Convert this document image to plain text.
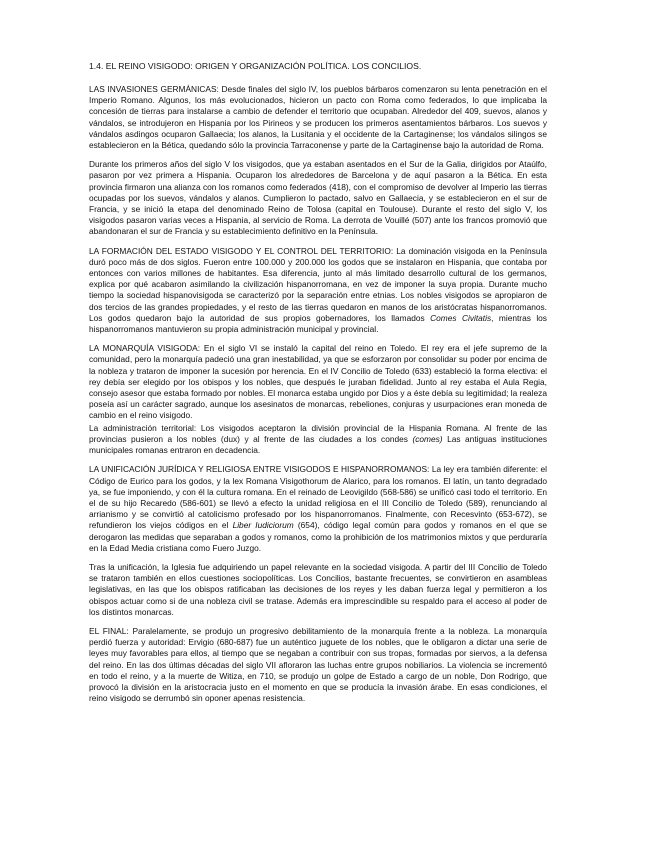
1.4. EL REINO VISIGODO: ORIGEN Y ORGANIZACIÓN POLÍTICA. LOS CONCILIOS.

LAS INVASIONES GERMÁNICAS: Desde finales del siglo IV, los pueblos bárbaros comenzaron su lenta penetración en el Imperio Romano. Algunos, los más evolucionados, hicieron un pacto con Roma como federados, lo que implicaba la concesión de tierras para instalarse a cambio de defender el territorio que ocupaban. Alrededor del 409, suevos, alanos y vándalos, se introdujeron en Hispania por los Pirineos y se producen los primeros asentamientos bárbaros. Los suevos y vándalos asdingos ocuparon Gallaecia; los alanos, la Lusitania y el occidente de la Cartaginense; los vándalos silingos se establecieron en la Bética, quedando sólo la provincia Tarraconense y parte de la Cartaginense bajo la autoridad de Roma.

Durante los primeros años del siglo V los visigodos, que ya estaban asentados en el Sur de la Galia, dirigidos por Ataúlfo, pasaron por vez primera a Hispania. Ocuparon los alrededores de Barcelona y de aquí pasaron a la Bética. En esta provincia firmaron una alianza con los romanos como federados (418), con el compromiso de devolver al Imperio las tierras ocupadas por los suevos, vándalos y alanos. Cumplieron lo pactado, salvo en Gallaecia, y se establecieron en el sur de Francia, y se inició la etapa del denominado Reino de Tolosa (capital en Toulouse). Durante el resto del siglo V, los visigodos pasaron varias veces a Hispania, al servicio de Roma. La derrota de Vouillé (507) ante los francos promovió que abandonaran el sur de Francia y su establecimiento definitivo en la Península.

LA FORMACIÓN DEL ESTADO VISIGODO Y EL CONTROL DEL TERRITORIO: La dominación visigoda en la Península duró poco más de dos siglos. Fueron entre 100.000 y 200.000 los godos que se instalaron en Hispania, que contaba por entonces con varios millones de habitantes. Esa diferencia, junto al más limitado desarrollo cultural de los germanos, explica por qué acabaron asimilando la civilización hispanorromana, en vez de imponer la suya propia. Durante mucho tiempo la sociedad hispanovisigoda se caracterizó por la separación entre etnias. Los nobles visigodos se apropiaron de dos tercios de las grandes propiedades, y el resto de las tierras quedaron en manos de los aristócratas hispanorromanos. Los godos quedaron bajo la autoridad de sus propios gobernadores, los llamados Comes Civitatis, mientras los hispanorromanos mantuvieron su propia administración municipal y provincial.

LA MONARQUÍA VISIGODA: En el siglo VI se instaló la capital del reino en Toledo. El rey era el jefe supremo de la comunidad, pero la monarquía padeció una gran inestabilidad, ya que se esforzaron por consolidar su poder por encima de la nobleza y trataron de imponer la sucesión por herencia. En el IV Concilio de Toledo (633) estableció la forma electiva: el rey debía ser elegido por los obispos y los nobles, que después le juraban fidelidad. Junto al rey estaba el Aula Regia, consejo asesor que estaba formado por nobles. El monarca estaba ungido por Dios y a éste debía su legitimidad; la realeza poseía así un carácter sagrado, aunque los asesinatos de monarcas, rebeliones, conjuras y usurpaciones eran moneda de cambio en el reino visigodo.

La administración territorial: Los visigodos aceptaron la división provincial de la Hispania Romana. Al frente de las provincias pusieron a los nobles (dux) y al frente de las ciudades a los condes (comes) Las antiguas instituciones municipales romanas entraron en decadencia.

LA UNIFICACIÓN JURÍDICA Y RELIGIOSA ENTRE VISIGODOS E HISPANORROMANOS: La ley era también diferente: el Código de Eurico para los godos, y la lex Romana Visigothorum de Alarico, para los romanos. El latín, un tanto degradado ya, se fue imponiendo, y con él la cultura romana. En el reinado de Leovigildo (568-586) se unificó casi todo el territorio. En el de su hijo Recaredo (586-601) se llevó a efecto la unidad religiosa en el III Concilio de Toledo (589), renunciando al arrianismo y se convirtió al catolicismo profesado por los hispanorromanos. Finalmente, con Recesvinto (653-672), se refundieron los viejos códigos en el Liber Iudiciorum (654), código legal común para godos y romanos en el que se derogaron las medidas que separaban a godos y romanos, como la prohibición de los matrimonios mixtos y que perduraría en la Edad Media cristiana como Fuero Juzgo.

Tras la unificación, la Iglesia fue adquiriendo un papel relevante en la sociedad visigoda. A partir del III Concilio de Toledo se trataron también en ellos cuestiones sociopolíticas. Los Concilios, bastante frecuentes, se convirtieron en asambleas legislativas, en las que los obispos ratificaban las decisiones de los reyes y les daban fuerza legal y permitieron a los obispos actuar como si de una nobleza civil se tratase. Además era imprescindible su respaldo para el acceso al poder de los distintos monarcas.

EL FINAL: Paralelamente, se produjo un progresivo debilitamiento de la monarquía frente a la nobleza. La monarquía perdió fuerza y autoridad: Ervigio (680-687) fue un auténtico juguete de los nobles, que le obligaron a dictar una serie de leyes muy favorables para ellos, al tiempo que se negaban a contribuir con sus tropas, formadas por siervos, a la defensa del reino. En las dos últimas décadas del siglo VII afloraron las luchas entre grupos nobiliarios. La violencia se incrementó en todo el reino, y a la muerte de Witiza, en 710, se produjo un golpe de Estado a cargo de un noble, Don Rodrigo, que provocó la división en la aristocracia justo en el momento en que se producía la invasión árabe. En esas condiciones, el reino visigodo se derrumbó sin oponer apenas resistencia.
